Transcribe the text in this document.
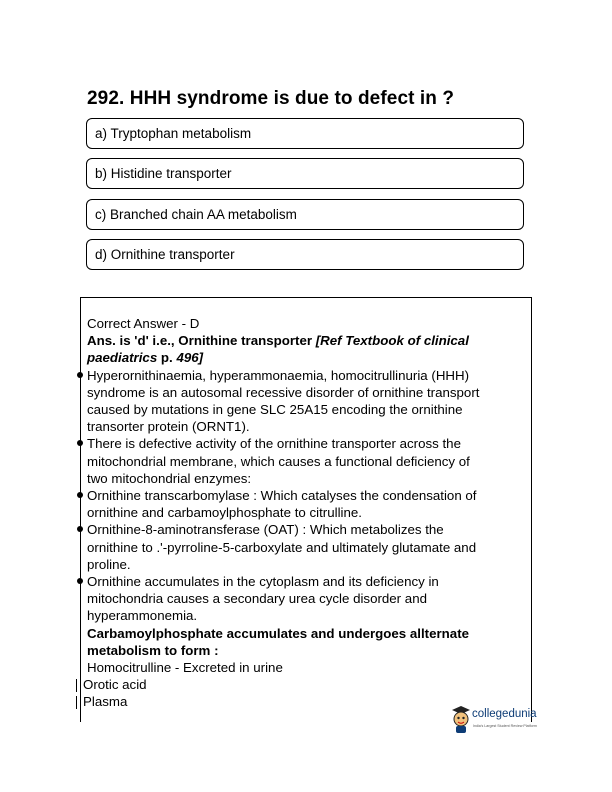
292. HHH syndrome is due to defect in ?
a) Tryptophan metabolism
b) Histidine transporter
c) Branched chain AA metabolism
d) Ornithine transporter

Correct Answer - D

Ans. is 'd' i.e., Ornithine transporter [Ref Textbook of clinical

paediatrics p. 496]

Hyperornithinaemia, hyperammonaemia, homocitrullinuria (HHH)

syndrome is an autosomal recessive disorder of ornithine transport

caused by mutations in gene SLC 25A15 encoding the ornithine

transorter protein (ORNT1).

There is defective activity of the ornithine transporter across the

mitochondrial membrane, which causes a functional deficiency of

two mitochondrial enzymes:

Ornithine transcarbomylase : Which catalyses the condensation of

ornithine and carbamoylphosphate to citrulline.

Ornithine-8-aminotransferase (OAT) : Which metabolizes the

ornithine to .'-pyrroline-5-carboxylate and ultimately glutamate and

proline.

Ornithine accumulates in the cytoplasm and its deficiency in

mitochondria causes a secondary urea cycle disorder and

hyperammonemia.

Carbamoylphosphate accumulates and undergoes allternate

metabolism to form :

Homocitrulline - Excreted in urine

Orotic acid

Plasma

collegedunia
India's Largest Student Review Platform
